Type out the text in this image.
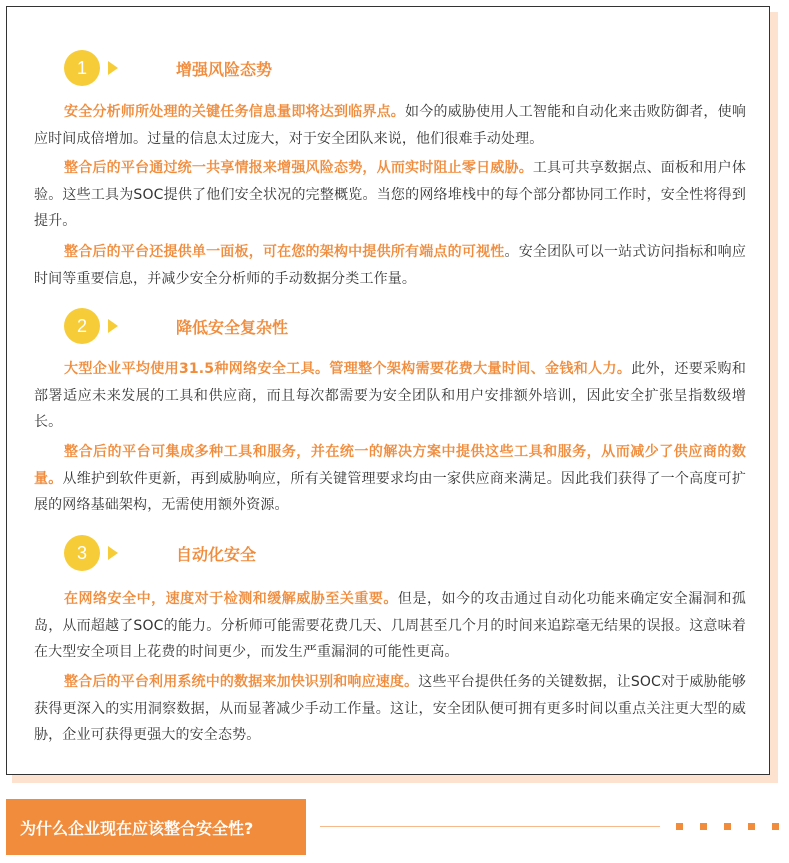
1	增强风险态势

安全分析师所处理的关键任务信息量即将达到临界点。如今的威胁使用人工智能和自动化来击败防御者，使响应时间成倍增加。过量的信息太过庞大，对于安全团队来说，他们很难手动处理。

整合后的平台通过统一共享情报来增强风险态势，从而实时阻止零日威胁。工具可共享数据点、面板和用户体验。这些工具为SOC提供了他们安全状况的完整概览。当您的网络堆栈中的每个部分都协同工作时，安全性将得到提升。

整合后的平台还提供单一面板，可在您的架构中提供所有端点的可视性。安全团队可以一站式访问指标和响应时间等重要信息，并减少安全分析师的手动数据分类工作量。

2	降低安全复杂性

大型企业平均使用31.5种网络安全工具。管理整个架构需要花费大量时间、金钱和人力。此外，还要采购和部署适应未来发展的工具和供应商，而且每次都需要为安全团队和用户安排额外培训，因此安全扩张呈指数级增长。

整合后的平台可集成多种工具和服务，并在统一的解决方案中提供这些工具和服务，从而减少了供应商的数量。从维护到软件更新，再到威胁响应，所有关键管理要求均由一家供应商来满足。因此我们获得了一个高度可扩展的网络基础架构，无需使用额外资源。

3	自动化安全

在网络安全中，速度对于检测和缓解威胁至关重要。但是，如今的攻击通过自动化功能来确定安全漏洞和孤岛，从而超越了SOC的能力。分析师可能需要花费几天、几周甚至几个月的时间来追踪毫无结果的误报。这意味着在大型安全项目上花费的时间更少，而发生严重漏洞的可能性更高。

整合后的平台利用系统中的数据来加快识别和响应速度。这些平台提供任务的关键数据，让SOC对于威胁能够获得更深入的实用洞察数据，从而显著减少手动工作量。这让，安全团队便可拥有更多时间以重点关注更大型的威胁，企业可获得更强大的安全态势。

为什么企业现在应该整合安全性?
